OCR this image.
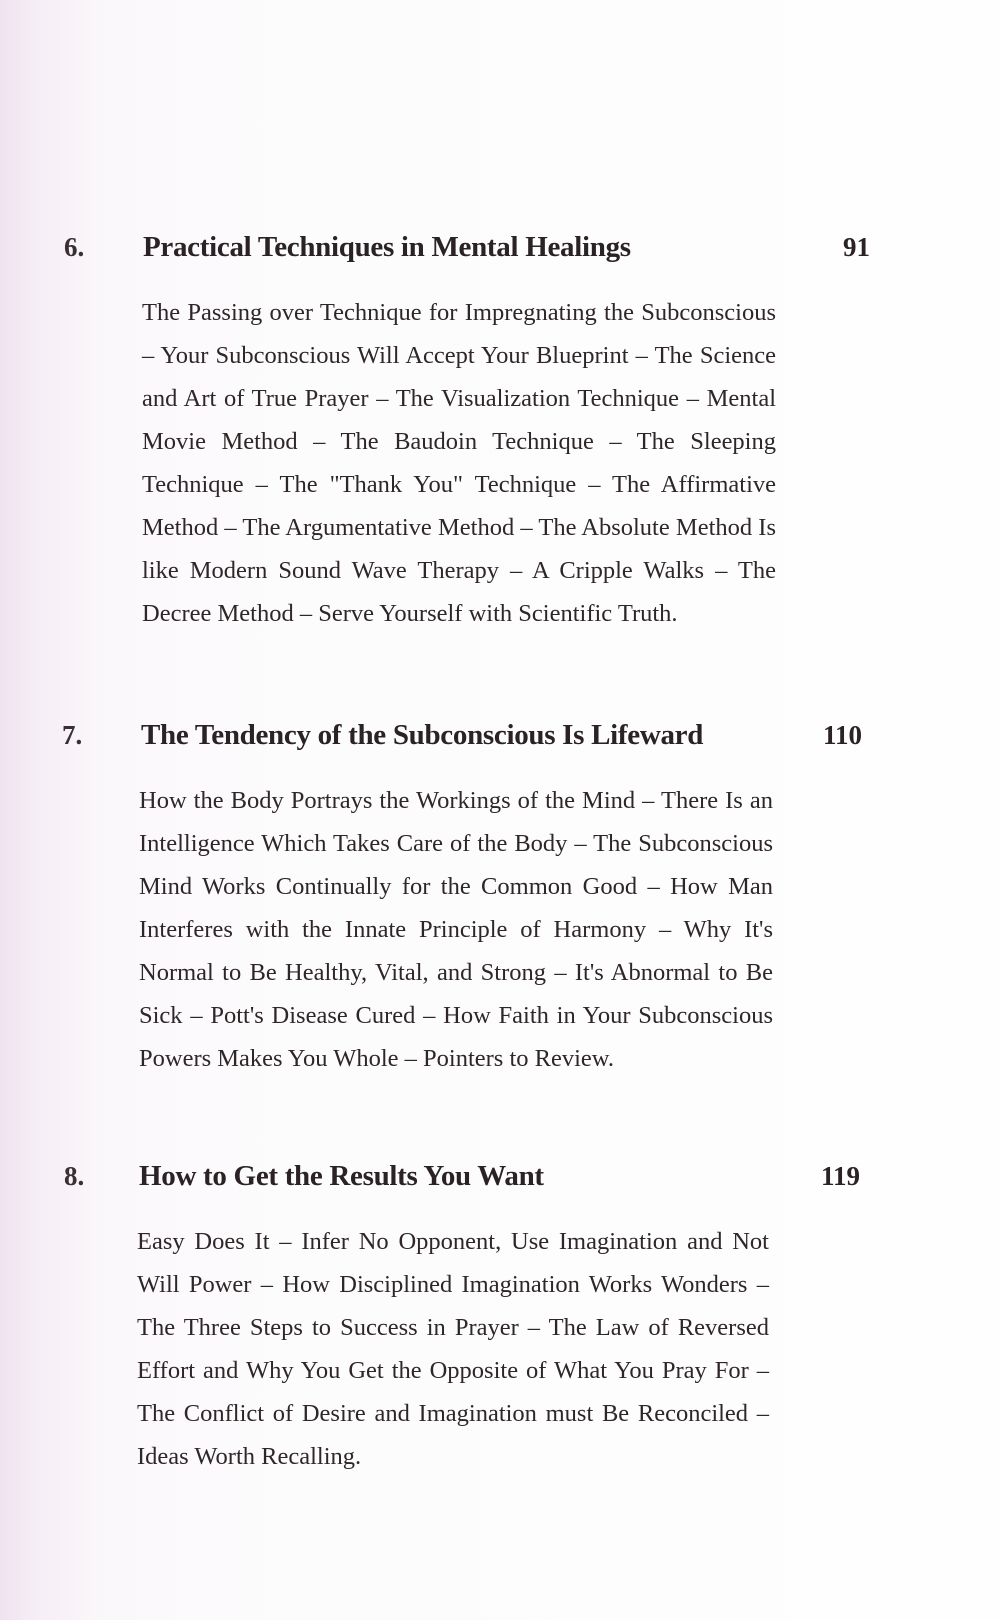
6. Practical Techniques in Mental Healings	91
The Passing over Technique for Impregnating the Subconscious – Your Subconscious Will Accept Your Blueprint – The Science and Art of True Prayer – The Visualization Technique – Mental Movie Method – The Baudoin Technique – The Sleeping Technique – The "Thank You" Technique – The Affirmative Method – The Argumentative Method – The Absolute Method Is like Modern Sound Wave Therapy – A Cripple Walks – The Decree Method – Serve Yourself with Scientific Truth.
7. The Tendency of the Subconscious Is Lifeward	110
How the Body Portrays the Workings of the Mind – There Is an Intelligence Which Takes Care of the Body – The Subconscious Mind Works Continually for the Common Good – How Man Interferes with the Innate Principle of Harmony – Why It's Normal to Be Healthy, Vital, and Strong – It's Abnormal to Be Sick – Pott's Disease Cured – How Faith in Your Subconscious Powers Makes You Whole – Pointers to Review.
8. How to Get the Results You Want	119
Easy Does It – Infer No Opponent, Use Imagination and Not Will Power – How Disciplined Imagination Works Wonders – The Three Steps to Success in Prayer – The Law of Reversed Effort and Why You Get the Opposite of What You Pray For – The Conflict of Desire and Imagination must Be Reconciled – Ideas Worth Recalling.
